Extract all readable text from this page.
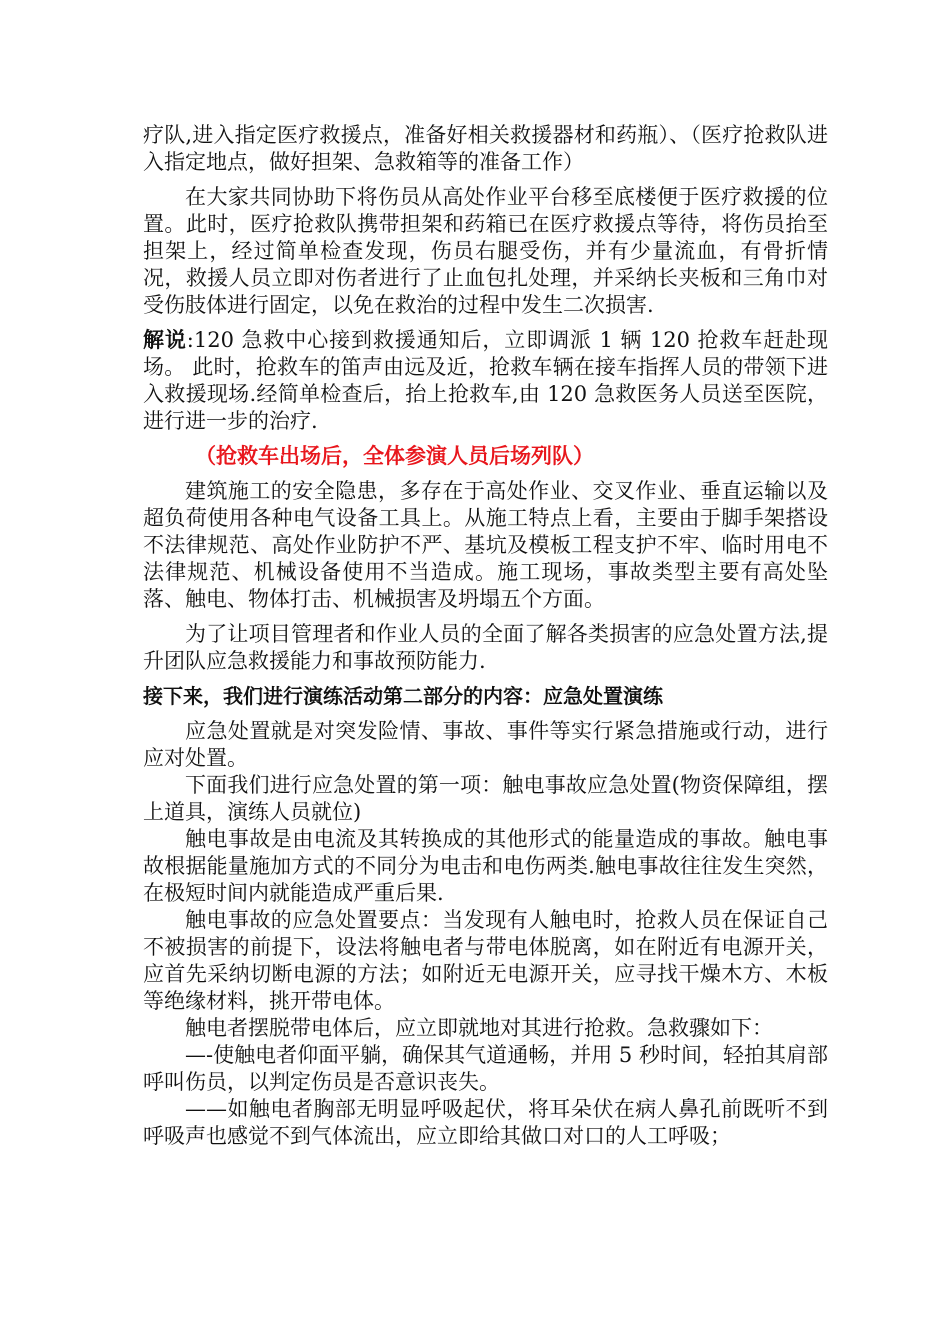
疗队,进入指定医疗救援点，准备好相关救援器材和药瓶）、（医疗抢救队进入指定地点，做好担架、急救箱等的准备工作）

在大家共同协助下将伤员从高处作业平台移至底楼便于医疗救援的位置。此时，医疗抢救队携带担架和药箱已在医疗救援点等待，将伤员抬至担架上，经过简单检查发现，伤员右腿受伤，并有少量流血，有骨折情况，救援人员立即对伤者进行了止血包扎处理，并采纳长夹板和三角巾对受伤肢体进行固定，以免在救治的过程中发生二次损害.

解说:120 急救中心接到救援通知后，立即调派 1 辆 120 抢救车赶赴现场。 此时，抢救车的笛声由远及近，抢救车辆在接车指挥人员的带领下进入救援现场.经简单检查后，抬上抢救车,由 120 急救医务人员送至医院，进行进一步的治疗.

（抢救车出场后，全体参演人员后场列队）

建筑施工的安全隐患，多存在于高处作业、交叉作业、垂直运输以及超负荷使用各种电气设备工具上。从施工特点上看，主要由于脚手架搭设不法律规范、高处作业防护不严、基坑及模板工程支护不牢、临时用电不法律规范、机械设备使用不当造成。施工现场，事故类型主要有高处坠落、触电、物体打击、机械损害及坍塌五个方面。

为了让项目管理者和作业人员的全面了解各类损害的应急处置方法,提升团队应急救援能力和事故预防能力.

接下来，我们进行演练活动第二部分的内容：应急处置演练

应急处置就是对突发险情、事故、事件等实行紧急措施或行动，进行应对处置。

下面我们进行应急处置的第一项：触电事故应急处置(物资保障组，摆上道具，演练人员就位)

触电事故是由电流及其转换成的其他形式的能量造成的事故。触电事故根据能量施加方式的不同分为电击和电伤两类.触电事故往往发生突然，在极短时间内就能造成严重后果.

触电事故的应急处置要点：当发现有人触电时，抢救人员在保证自己不被损害的前提下，设法将触电者与带电体脱离，如在附近有电源开关，应首先采纳切断电源的方法；如附近无电源开关，应寻找干燥木方、木板等绝缘材料，挑开带电体。

触电者摆脱带电体后，应立即就地对其进行抢救。急救骤如下：

—-使触电者仰面平躺，确保其气道通畅，并用 5 秒时间，轻拍其肩部呼叫伤员，以判定伤员是否意识丧失。

——如触电者胸部无明显呼吸起伏，将耳朵伏在病人鼻孔前既听不到呼吸声也感觉不到气体流出，应立即给其做口对口的人工呼吸；
